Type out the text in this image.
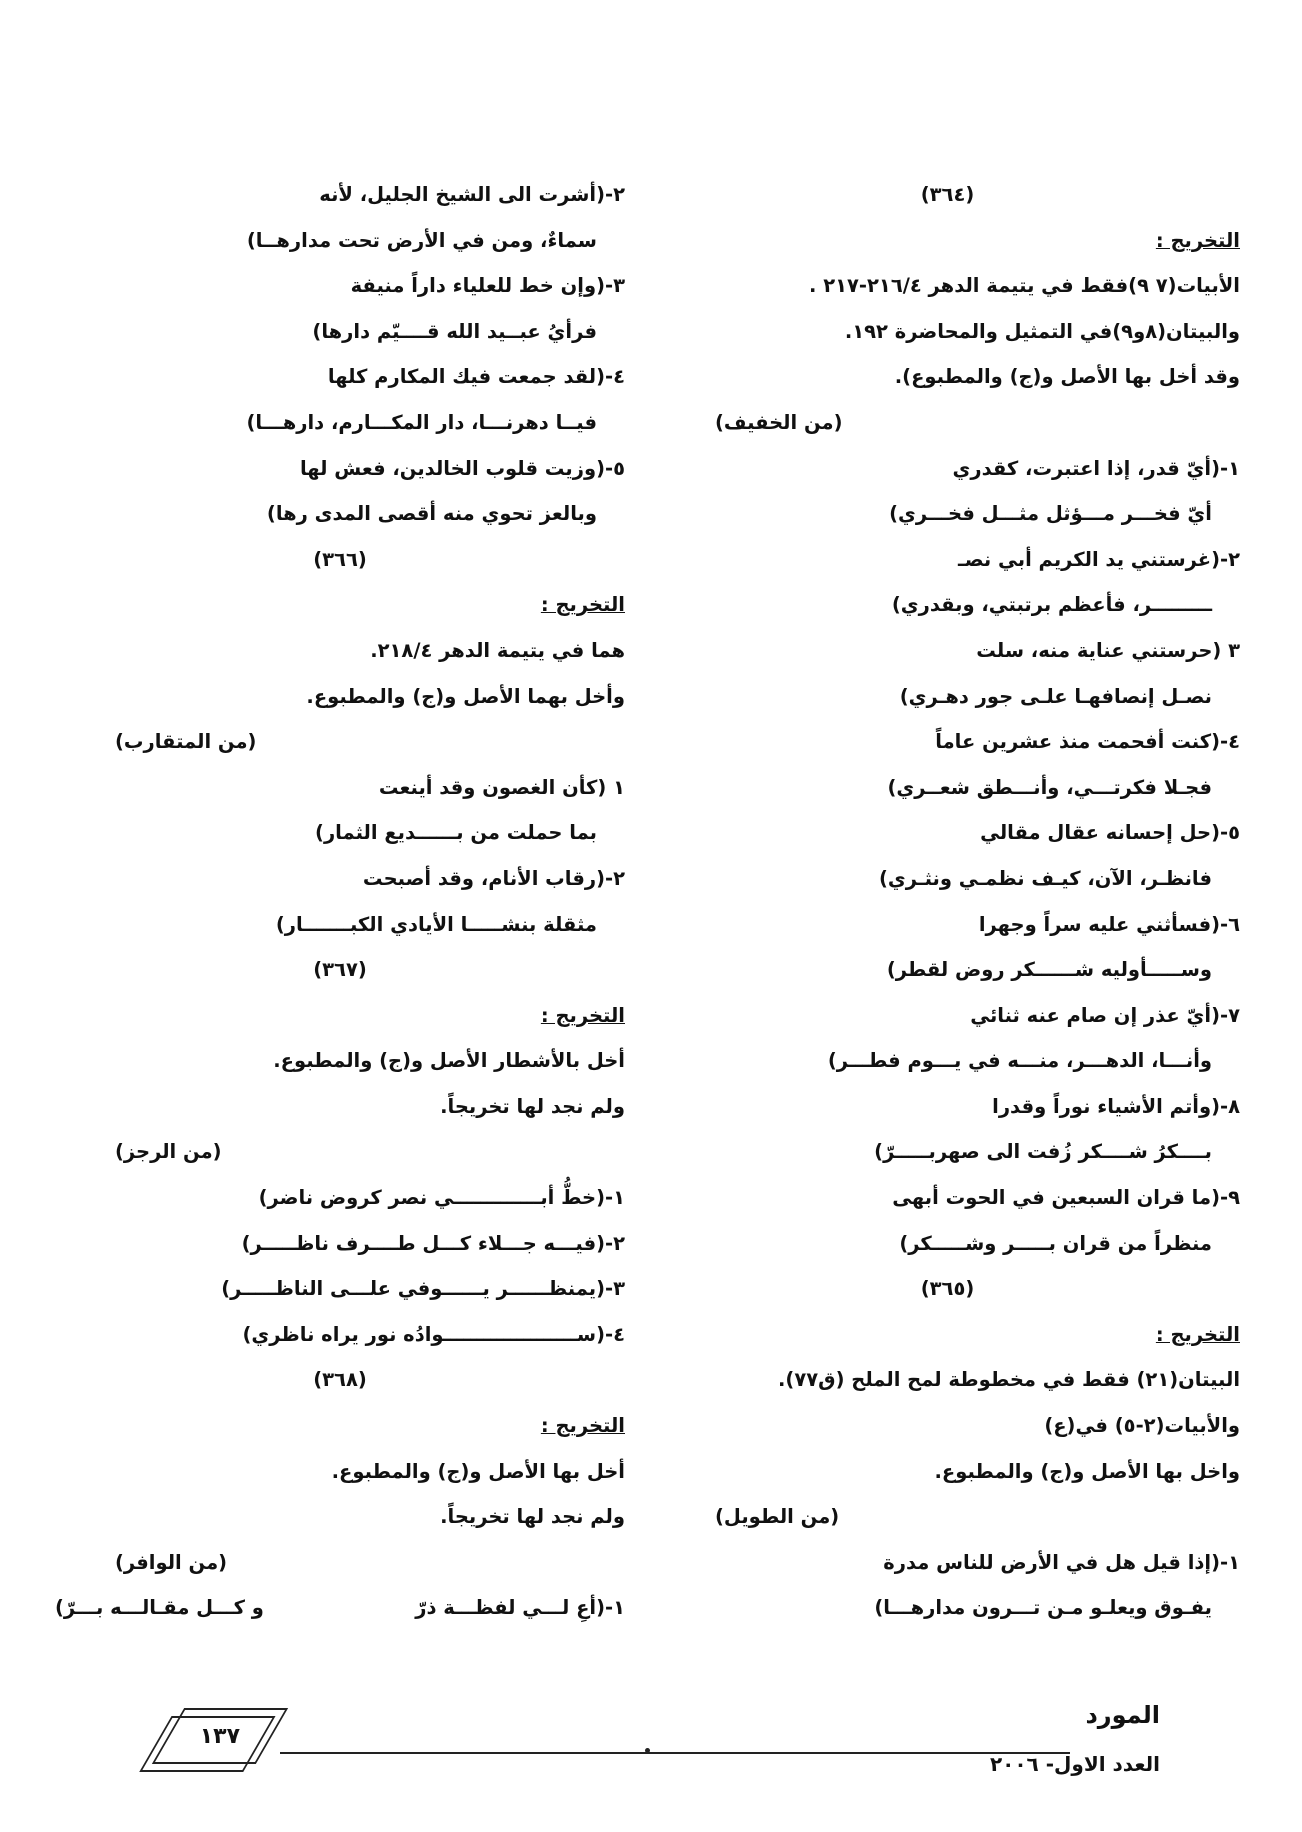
(٣٦٤)
التخريج :
الأبيات(٧ ٩)فقط في يتيمة الدهر ٢١٦/٤-٢١٧ .
والبيتان(٨و٩)في التمثيل والمحاضرة ١٩٢.
وقد أخل بها الأصل و(ج) والمطبوع).
(من الخفيف)
١-(أيّ قدر، إذا اعتبرت، كقدري
أيّ فخـــر مـــؤثل مثـــل فخـــري)
٢-(غرستني يد الكريم أبي نصـ
ـــــــــر، فأعظم برتبتي، وبقدري)
٣ (حرستني عناية منه، سلت
نصـل إنصافهـا علـى جور دهـري)
٤-(كنت أفحمت منذ عشرين عاماً
فجـلا فكرتـــي، وأنـــطق شعــري)
٥-(حل إحسانه عقال مقالي
فانظـر، الآن، كيـف نظمـي ونثـري)
٦-(فسأثني عليه سراً وجهرا
وســـــأوليه شــــــكر روض لقطر)
٧-(أيّ عذر إن صام عنه ثنائي
وأنـــا، الدهـــر، منـــه في يـــوم فطـــر)
٨-(وأتم الأشياء نوراً وقدرا
بــــكرُ شــــكر زُفت الى صهربـــــرّ)
٩-(ما قران السبعين في الحوت أبهى
منظراً من قران بـــــر وشـــــكر)
(٣٦٥)
التخريج :
البيتان(٢١) فقط في مخطوطة لمح الملح (ق٧٧).
والأبيات(٢-٥) في(ع)
واخل بها الأصل و(ج) والمطبوع.
(من الطويل)
١-(إذا قيل هل في الأرض للناس مدرة
يفـوق ويعلـو مـن تـــرون مدارهـــا)
٢-(أشرت الى الشيخ الجليل، لأنه
سماءٌ، ومن في الأرض تحت مدارهــا)
٣-(وإن خط للعلياء داراً منيفة
فرأيُ عبــيد الله قــــيّم دارها)
٤-(لقد جمعت فيك المكارم كلها
فيــا دهرنـــا، دار المكـــارم، دارهـــا)
٥-(وزيت قلوب الخالدين، فعش لها
وبالعز تحوي منه أقصى المدى رها)
(٣٦٦)
التخريج :
هما في يتيمة الدهر ٢١٨/٤.
وأخل بهما الأصل و(ج) والمطبوع.
(من المتقارب)
١ (كأن الغصون وقد أينعت
بما حملت من بــــــديع الثمار)
٢-(رقاب الأنام، وقد أصبحت
مثقلة بنشـــــا الأيادي الكبـــــــار)
(٣٦٧)
التخريج :
أخل بالأشطار الأصل و(ج) والمطبوع.
ولم نجد لها تخريجاً.
(من الرجز)
١-(خطُّ أبـــــــــــــي نصر كروض ناضر)
٢-(فيـــه جـــلاء كـــل طــــرف ناظـــــر)
٣-(يمنظــــــر يــــــوفي علـــى الناظـــــر)
٤-(ســــــــــــــــــــوادُه نور يراه ناظري)
(٣٦٨)
التخريج :
أخل بها الأصل و(ج) والمطبوع.
ولم نجد لها تخريجاً.
(من الوافر)
١-(أعِ لـــي لفظـــة ذرّ
و كـــل مقـالـــه بـــرّ)
١٣٧
المورد
العدد الاول- ٢٠٠٦
